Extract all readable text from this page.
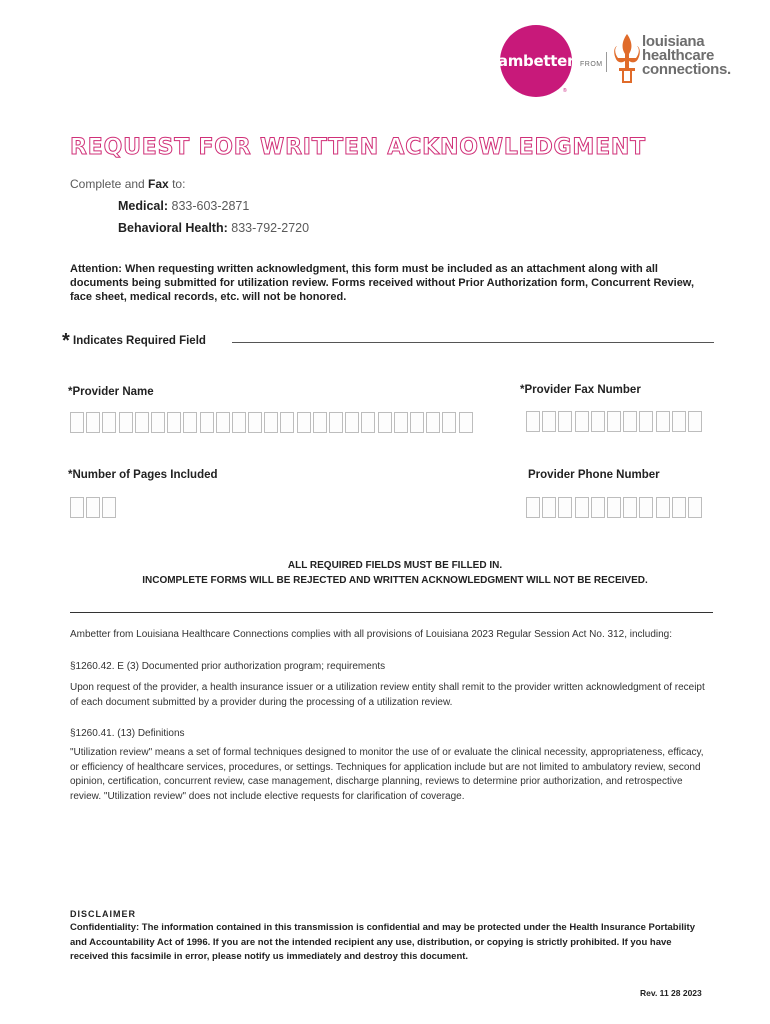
ambetter
®
FROM
louisiana
healthcare
connections.
REQUEST FOR WRITTEN ACKNOWLEDGMENT
Complete and Fax to:
Medical: 833-603-2871
Behavioral Health: 833-792-2720
Attention: When requesting written acknowledgment, this form must be included as an attachment along with all documents being submitted for utilization review. Forms received without Prior Authorization form, Concurrent Review, face sheet, medical records, etc. will not be honored.
* Indicates Required Field
*Provider Name	*Provider Fax Number
*Number of Pages Included	Provider Phone Number
ALL REQUIRED FIELDS MUST BE FILLED IN.
INCOMPLETE FORMS WILL BE REJECTED AND WRITTEN ACKNOWLEDGMENT WILL NOT BE RECEIVED.
Ambetter from Louisiana Healthcare Connections complies with all provisions of Louisiana 2023 Regular Session Act No. 312, including:
§1260.42. E (3) Documented prior authorization program; requirements
Upon request of the provider, a health insurance issuer or a utilization review entity shall remit to the provider written acknowledgment of receipt of each document submitted by a provider during the processing of a utilization review.
§1260.41. (13) Definitions
"Utilization review" means a set of formal techniques designed to monitor the use of or evaluate the clinical necessity, appropriateness, efficacy, or efficiency of healthcare services, procedures, or settings. Techniques for application include but are not limited to ambulatory review, second opinion, certification, concurrent review, case management, discharge planning, reviews to determine prior authorization, and retrospective review. "Utilization review" does not include elective requests for clarification of coverage.
DISCLAIMER
Confidentiality: The information contained in this transmission is confidential and may be protected under the Health Insurance Portability and Accountability Act of 1996. If you are not the intended recipient any use, distribution, or copying is strictly prohibited. If you have received this facsimile in error, please notify us immediately and destroy this document.
Rev. 11 28 2023
